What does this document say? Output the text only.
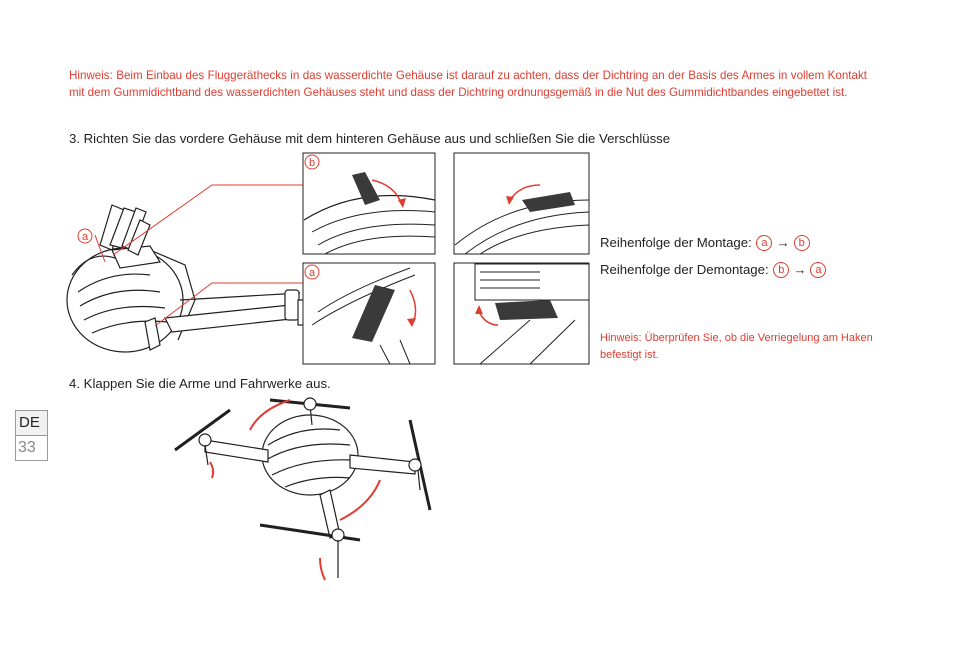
Hinweis: Beim Einbau des Fluggeräthecks in das wasserdichte Gehäuse ist darauf zu achten, dass der Dichtring an der Basis des Armes in vollem Kontakt mit dem Gummidichtband des wasserdichten Gehäuses steht und dass der Dichtring ordnungsgemäß in die Nut des Gummidichtbandes eingebettet ist.
3. Richten Sie das vordere Gehäuse mit dem hinteren Gehäuse aus und schließen Sie die Verschlüsse
a
b
a
Reihenfolge der Montage: a → b
Reihenfolge der Demontage: b → a
Hinweis: Überprüfen Sie, ob die Verriegelung am Haken befestigt ist.
4. Klappen Sie die Arme und Fahrwerke aus.
DE
33
